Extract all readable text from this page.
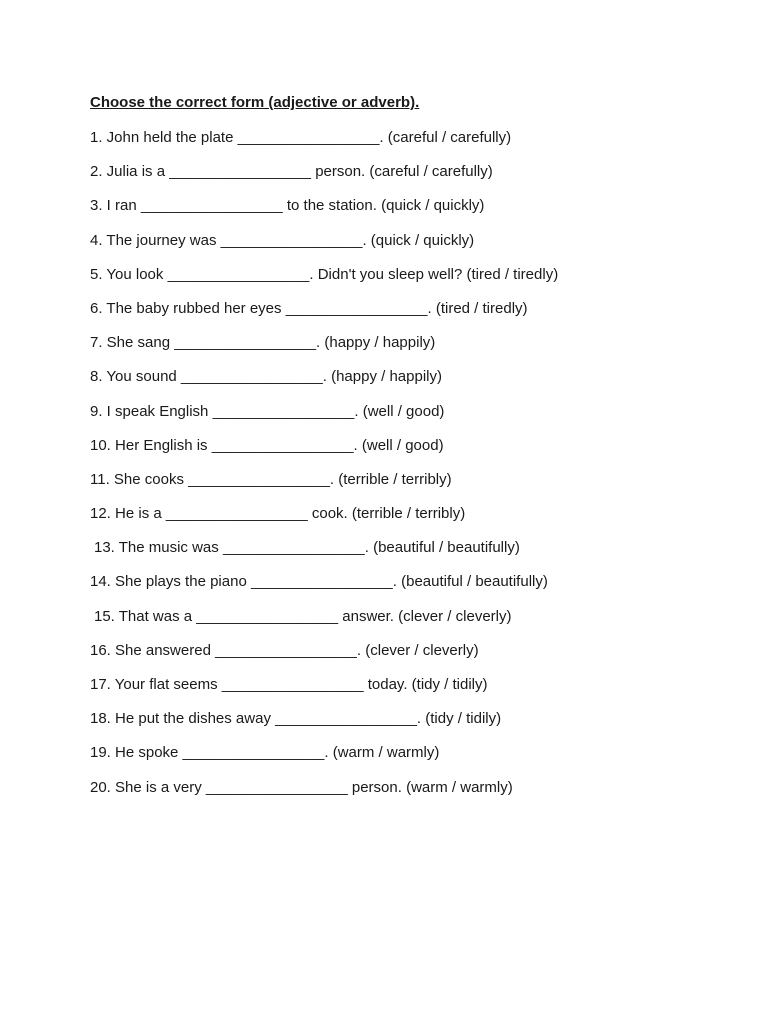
Choose the correct form (adjective or adverb).
1. John held the plate _________________. (careful / carefully)
2. Julia is a _________________ person. (careful / carefully)
3. I ran _________________ to the station. (quick / quickly)
4. The journey was _________________. (quick / quickly)
5. You look _________________. Didn't you sleep well? (tired / tiredly)
6. The baby rubbed her eyes _________________. (tired / tiredly)
7. She sang _________________. (happy / happily)
8. You sound _________________. (happy / happily)
9. I speak English _________________. (well / good)
10. Her English is _________________. (well / good)
11. She cooks _________________. (terrible / terribly)
12. He is a _________________ cook. (terrible / terribly)
13. The music was _________________. (beautiful / beautifully)
14. She plays the piano _________________. (beautiful / beautifully)
15. That was a _________________ answer. (clever / cleverly)
16. She answered _________________. (clever / cleverly)
17. Your flat seems _________________ today. (tidy / tidily)
18. He put the dishes away _________________. (tidy / tidily)
19. He spoke _________________. (warm / warmly)
20. She is a very _________________ person. (warm / warmly)
